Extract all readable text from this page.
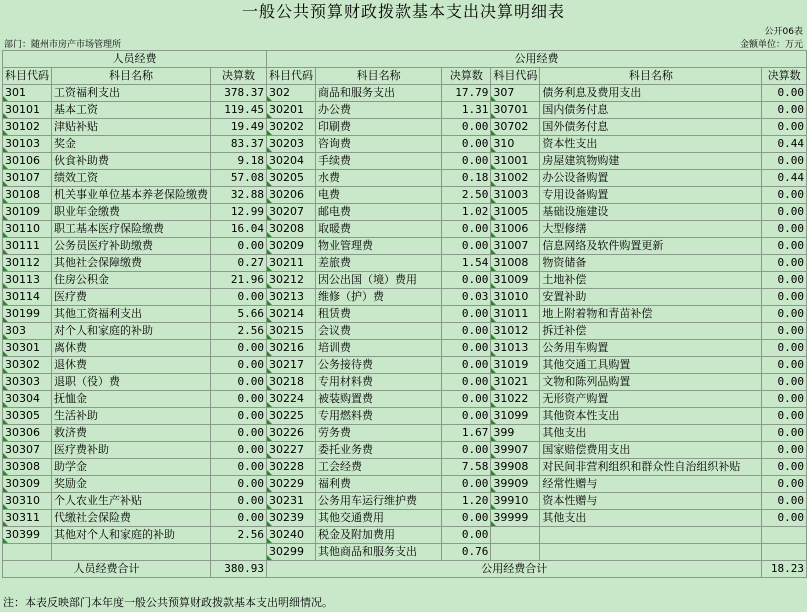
一般公共预算财政拨款基本支出决算明细表
公开06表
部门：随州市房产市场管理所	金额单位：万元
人员经费			公用经费					
科目代码	科目名称	决算数	科目代码	科目名称	决算数	科目代码	科目名称	决算数
301	工资福利支出	378.37	302	商品和服务支出	17.79	307	债务利息及费用支出	0.00
30101	基本工资	119.45	30201	办公费	1.31	30701	国内债务付息	0.00
30102	津贴补贴	19.49	30202	印刷费	0.00	30702	国外债务付息	0.00
30103	奖金	83.37	30203	咨询费	0.00	310	资本性支出	0.44
30106	伙食补助费	9.18	30204	手续费	0.00	31001	房屋建筑物购建	0.00
30107	绩效工资	57.08	30205	水费	0.18	31002	办公设备购置	0.44
30108	机关事业单位基本养老保险缴费	32.88	30206	电费	2.50	31003	专用设备购置	0.00
30109	职业年金缴费	12.99	30207	邮电费	1.02	31005	基础设施建设	0.00
30110	职工基本医疗保险缴费	16.04	30208	取暖费	0.00	31006	大型修缮	0.00
30111	公务员医疗补助缴费	0.00	30209	物业管理费	0.00	31007	信息网络及软件购置更新	0.00
30112	其他社会保障缴费	0.27	30211	差旅费	1.54	31008	物资储备	0.00
30113	住房公积金	21.96	30212	因公出国（境）费用	0.00	31009	土地补偿	0.00
30114	医疗费	0.00	30213	维修（护）费	0.03	31010	安置补助	0.00
30199	其他工资福利支出	5.66	30214	租赁费	0.00	31011	地上附着物和青苗补偿	0.00
303	对个人和家庭的补助	2.56	30215	会议费	0.00	31012	拆迁补偿	0.00
30301	离休费	0.00	30216	培训费	0.00	31013	公务用车购置	0.00
30302	退休费	0.00	30217	公务接待费	0.00	31019	其他交通工具购置	0.00
30303	退职（役）费	0.00	30218	专用材料费	0.00	31021	文物和陈列品购置	0.00
30304	抚恤金	0.00	30224	被装购置费	0.00	31022	无形资产购置	0.00
30305	生活补助	0.00	30225	专用燃料费	0.00	31099	其他资本性支出	0.00
30306	救济费	0.00	30226	劳务费	1.67	399	其他支出	0.00
30307	医疗费补助	0.00	30227	委托业务费	0.00	39907	国家赔偿费用支出	0.00
30308	助学金	0.00	30228	工会经费	7.58	39908	对民间非营利组织和群众性自治组织补贴	0.00
30309	奖励金	0.00	30229	福利费	0.00	39909	经常性赠与	0.00
30310	个人农业生产补贴	0.00	30231	公务用车运行维护费	1.20	39910	资本性赠与	0.00
30311	代缴社会保险费	0.00	30239	其他交通费用	0.00	39999	其他支出	0.00
30399	其他对个人和家庭的补助	2.56	30240	税金及附加费用	0.00			
			30299	其他商品和服务支出	0.76			
人员经费合计		380.93	公用经费合计					18.23
注：本表反映部门本年度一般公共预算财政拨款基本支出明细情况。
